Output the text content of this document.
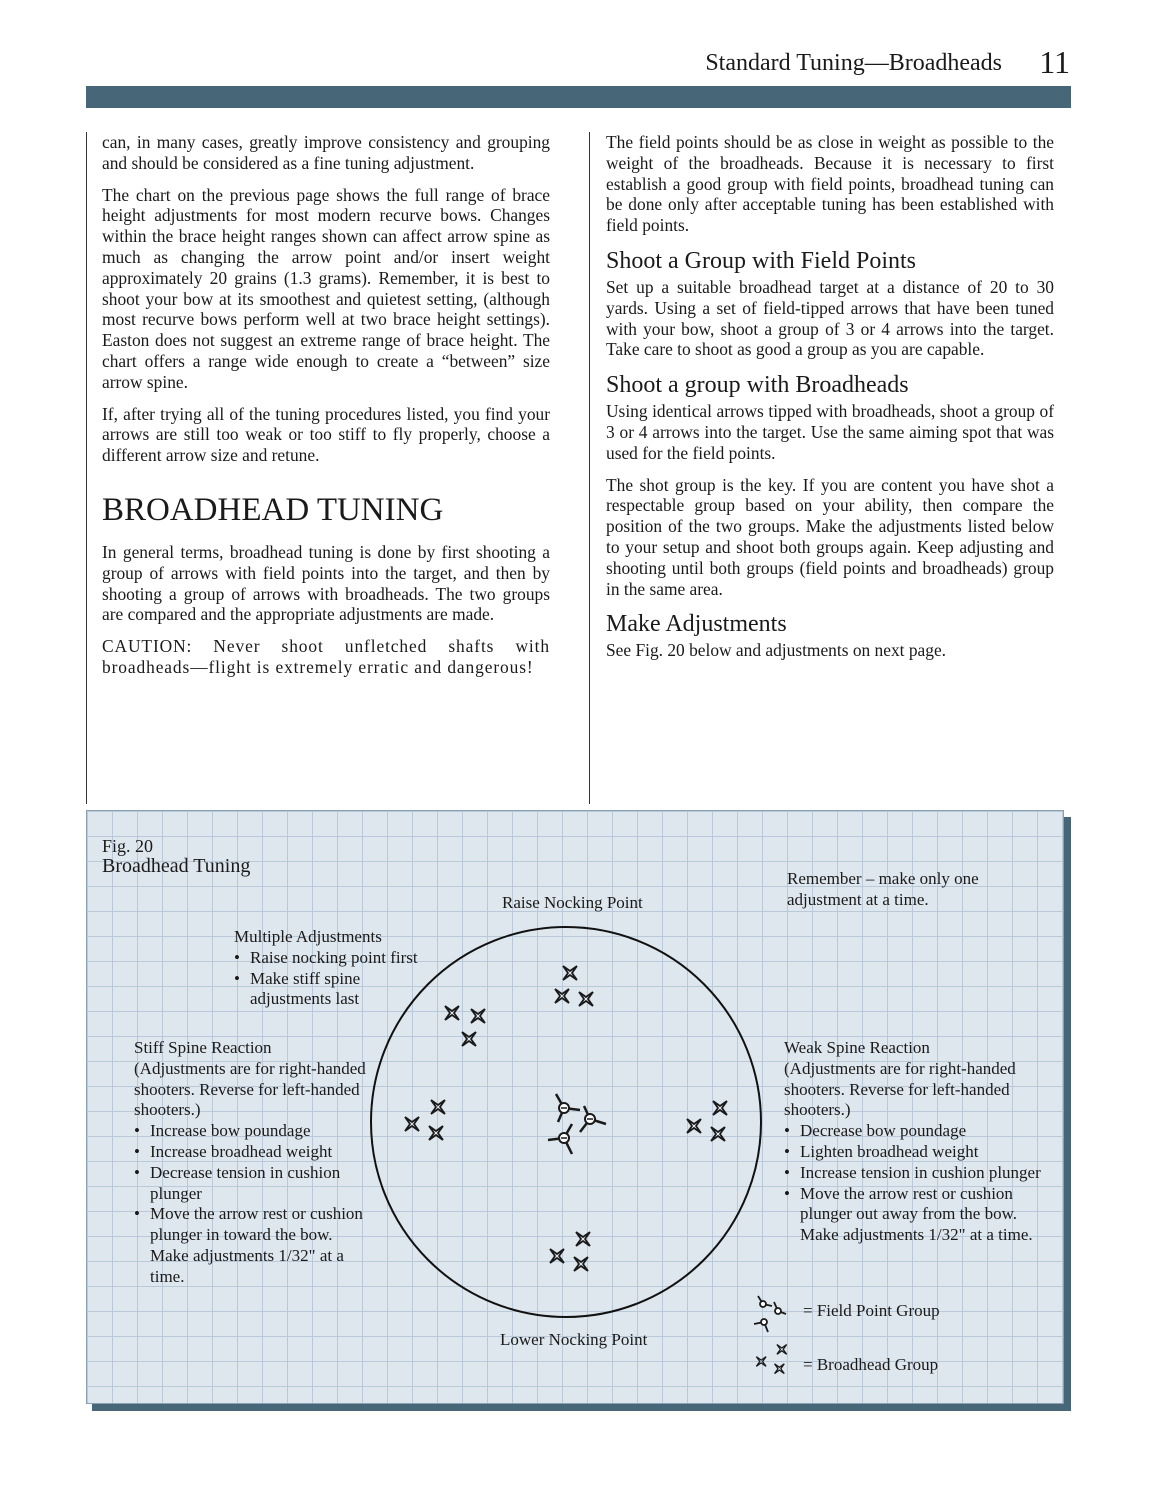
Standard Tuning—Broadheads 11

can, in many cases, greatly improve consistency and grouping and should be considered as a fine tuning adjustment.

The chart on the previous page shows the full range of brace height adjustments for most modern recurve bows. Changes within the brace height ranges shown can affect arrow spine as much as changing the arrow point and/or insert weight approximately 20 grains (1.3 grams). Remember, it is best to shoot your bow at its smoothest and quietest setting, (although most recurve bows perform well at two brace height settings). Easton does not suggest an extreme range of brace height. The chart offers a range wide enough to create a “between” size arrow spine.

If, after trying all of the tuning procedures listed, you find your arrows are still too weak or too stiff to fly properly, choose a different arrow size and retune.

BROADHEAD TUNING

In general terms, broadhead tuning is done by first shooting a group of arrows with field points into the target, and then by shooting a group of arrows with broadheads. The two groups are compared and the appropriate adjustments are made.

CAUTION: Never shoot unfletched shafts with broadheads—flight is extremely erratic and dangerous!

The field points should be as close in weight as possible to the weight of the broadheads. Because it is necessary to first establish a good group with field points, broadhead tuning can be done only after acceptable tuning has been established with field points.

Shoot a Group with Field Points

Set up a suitable broadhead target at a distance of 20 to 30 yards. Using a set of field-tipped arrows that have been tuned with your bow, shoot a group of 3 or 4 arrows into the target. Take care to shoot as good a group as you are capable.

Shoot a group with Broadheads

Using identical arrows tipped with broadheads, shoot a group of 3 or 4 arrows into the target. Use the same aiming spot that was used for the field points.

The shot group is the key. If you are content you have shot a respectable group based on your ability, then compare the position of the two groups. Make the adjustments listed below to your setup and shoot both groups again. Keep adjusting and shooting until both groups (field points and broadheads) group in the same area.

Make Adjustments

See Fig. 20 below and adjustments on next page.

Fig. 20
Broadhead Tuning
Remember – make only one adjustment at a time.
Raise Nocking Point
Lower Nocking Point
Multiple Adjustments
• Raise nocking point first
• Make stiff spine adjustments last
Stiff Spine Reaction
(Adjustments are for right-handed shooters. Reverse for left-handed shooters.)
• Increase bow poundage
• Increase broadhead weight
• Decrease tension in cushion plunger
• Move the arrow rest or cushion plunger in toward the bow. Make adjustments 1/32" at a time.
Weak Spine Reaction
(Adjustments are for right-handed shooters. Reverse for left-handed shooters.)
• Decrease bow poundage
• Lighten broadhead weight
• Increase tension in cushion plunger
• Move the arrow rest or cushion plunger out away from the bow. Make adjustments 1/32" at a time.
= Field Point Group
= Broadhead Group
